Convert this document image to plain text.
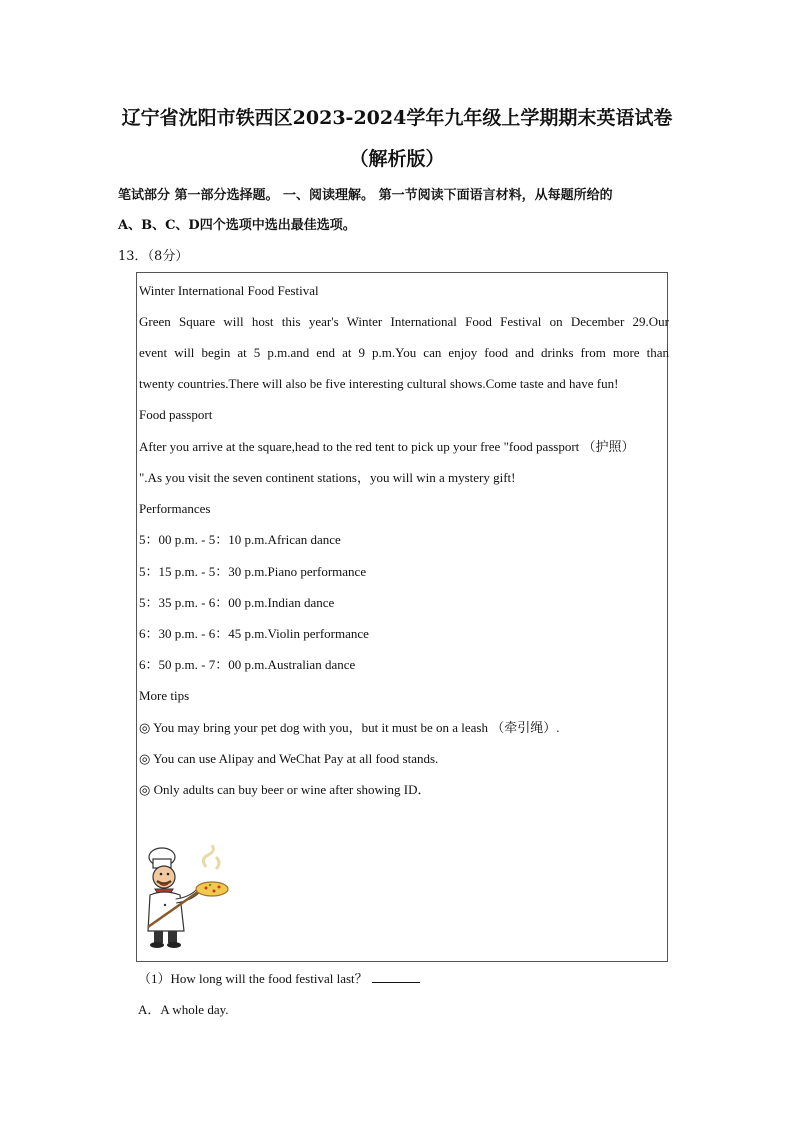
辽宁省沈阳市铁西区2023-2024学年九年级上学期期末英语试卷
（解析版）
笔试部分 第一部分选择题。 一、阅读理解。 第一节阅读下面语言材料，从每题所给的
A、B、C、D四个选项中选出最佳选项。
13．（8分）
Winter International Food Festival
Green Square will host this year's Winter International Food Festival on December 29.Our
event will begin at 5 p.m.and end at 9 p.m.You can enjoy food and drinks from more than
twenty countries.There will also be five interesting cultural shows.Come taste and have fun!
Food passport
After you arrive at the square,head to the red tent to pick up your free "food passport （护照）
".As you visit the seven continent stations，you will win a mystery gift!
Performances
5：00 p.m. - 5：10 p.m.African dance
5：15 p.m. - 5：30 p.m.Piano performance
5：35 p.m. - 6：00 p.m.Indian dance
6：30 p.m. - 6：45 p.m.Violin performance
6：50 p.m. - 7：00 p.m.Australian dance
More tips
◎ You may bring your pet dog with you，but it must be on a leash （牵引绳）.
◎ You can use Alipay and WeChat Pay at all food stands.
◎ Only adults can buy beer or wine after showing ID．
（1）How long will the food festival last？
A．A whole day.
